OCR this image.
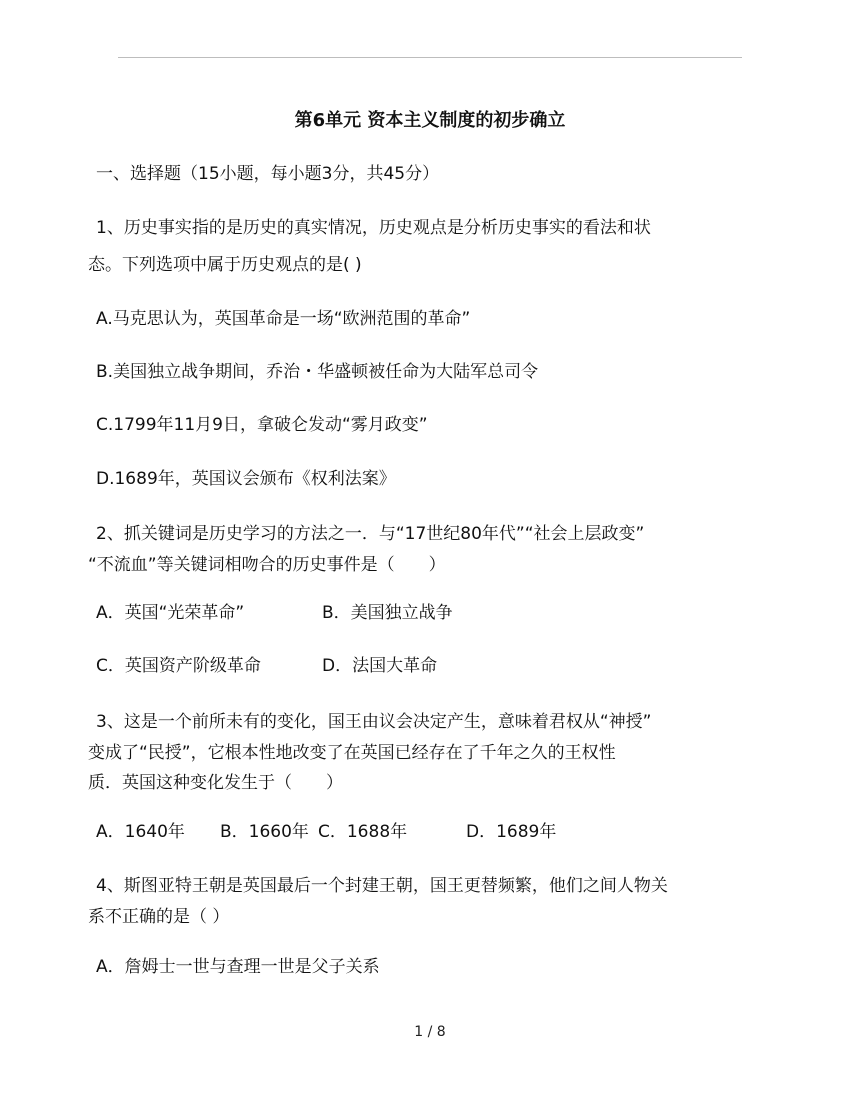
第6单元 资本主义制度的初步确立
一、选择题（15小题，每小题3分，共45分）
1、历史事实指的是历史的真实情况，历史观点是分析历史事实的看法和状
态。下列选项中属于历史观点的是( )
A.马克思认为，英国革命是一场“欧洲范围的革命”
B.美国独立战争期间，乔治・华盛顿被任命为大陆军总司令
C.1799年11月9日，拿破仑发动“雾月政变”
D.1689年，英国议会颁布《权利法案》
2、抓关键词是历史学习的方法之一．与“17世纪80年代”“社会上层政变”
“不流血”等关键词相吻合的历史事件是（　　）
A．英国“光荣革命”	B．美国独立战争
C．英国资产阶级革命	D．法国大革命
3、这是一个前所未有的变化，国王由议会决定产生，意味着君权从“神授”
变成了“民授”，它根本性地改变了在英国已经存在了千年之久的王权性
质．英国这种变化发生于（　　）
A．1640年 B．1660年 C．1688年	D．1689年
4、斯图亚特王朝是英国最后一个封建王朝，国王更替频繁，他们之间人物关
系不正确的是（ ）
A．詹姆士一世与查理一世是父子关系
1 / 8
